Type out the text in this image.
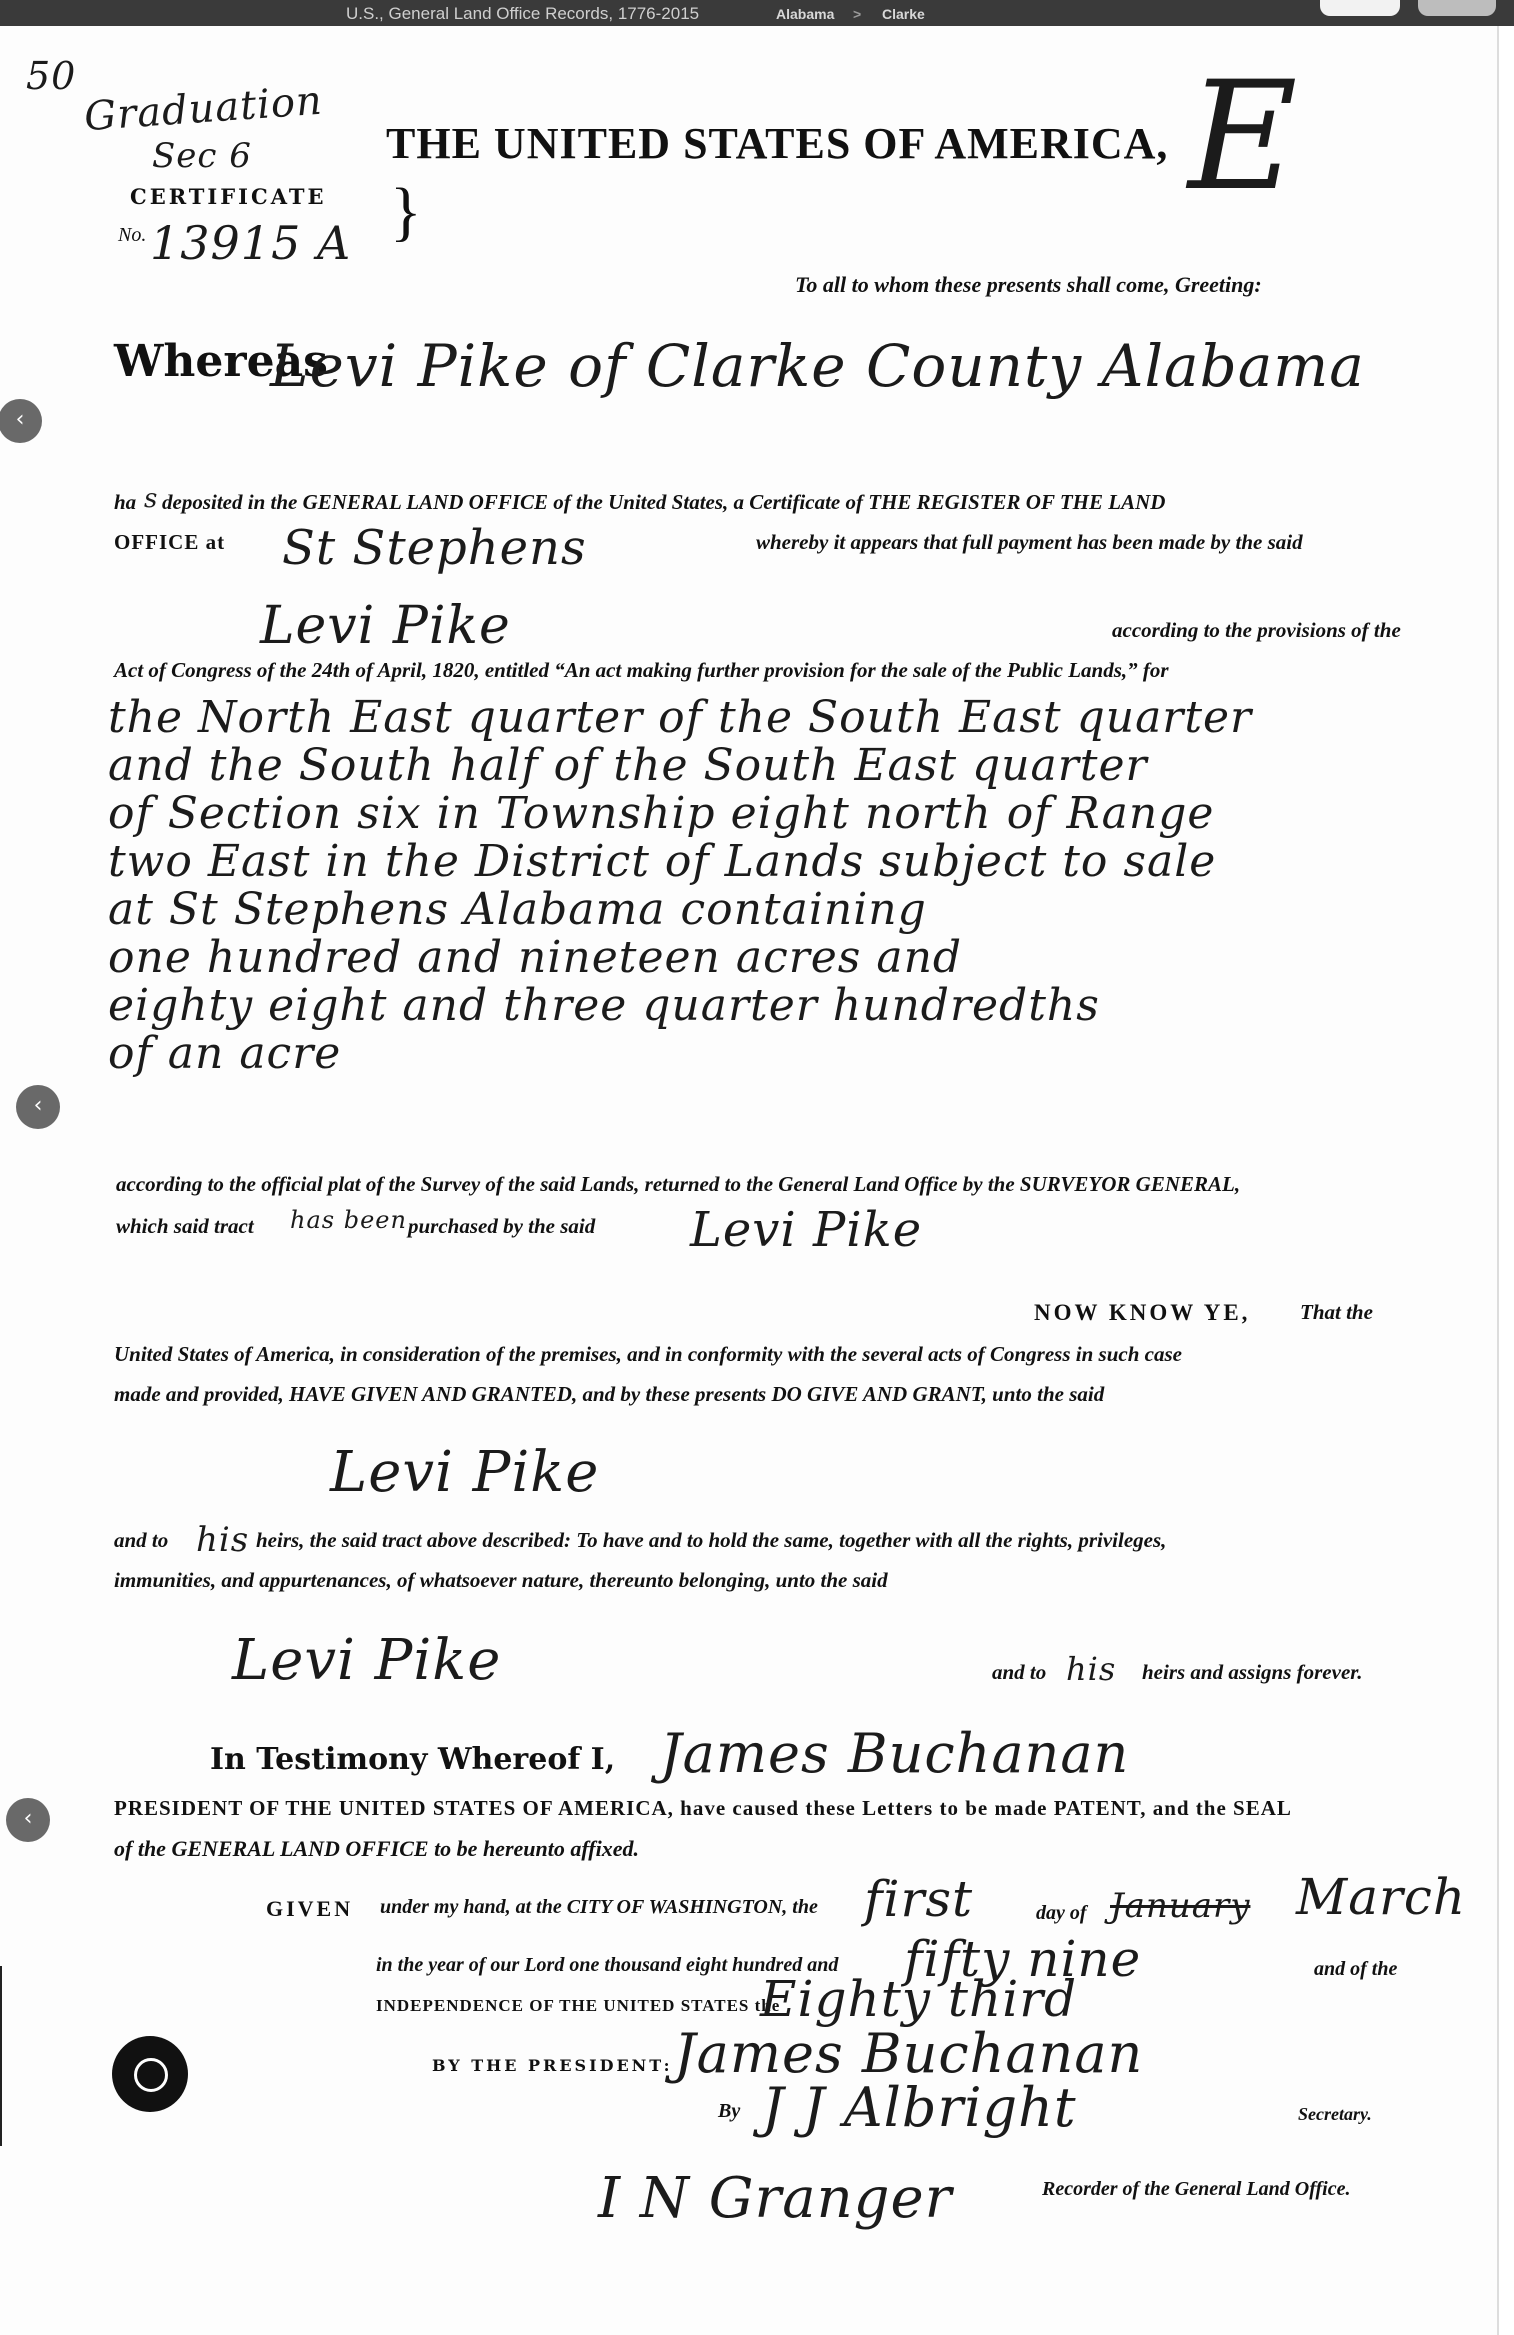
U.S., General Land Office Records, 1776-2015	Alabama > Clarke
50
Graduation
Sec 6
CERTIFICATE
No. 13915 A }
THE UNITED STATES OF AMERICA, E
To all to whom these presents shall come, Greeting:
Whereas
Levi Pike of Clarke County Alabama
ha s deposited in the GENERAL LAND OFFICE of the United States, a Certificate of THE REGISTER OF THE LAND
OFFICE at St Stephens	whereby it appears that full payment has been made by the said
Levi Pike	according to the provisions of the
Act of Congress of the 24th of April, 1820, entitled “An act making further provision for the sale of the Public Lands,” for
the North East quarter of the South East quarter
and the South half of the South East quarter
of Section six in Township eight north of Range
two East in the District of Lands subject to sale
at St Stephens Alabama containing
one hundred and nineteen acres and
eighty eight and three quarter hundredths
of an acre
according to the official plat of the Survey of the said Lands, returned to the General Land Office by the SURVEYOR GENERAL,
which said tract has been purchased by the said Levi Pike
NOW KNOW YE, That the
United States of America, in consideration of the premises, and in conformity with the several acts of Congress in such case
made and provided, HAVE GIVEN AND GRANTED, and by these presents DO GIVE AND GRANT, unto the said
Levi Pike
and to his heirs, the said tract above described: To have and to hold the same, together with all the rights, privileges,
immunities, and appurtenances, of whatsoever nature, thereunto belonging, unto the said
Levi Pike	and to his heirs and assigns forever.
In Testimony Whereof I, James Buchanan
PRESIDENT OF THE UNITED STATES OF AMERICA, have caused these Letters to be made PATENT, and the SEAL
of the GENERAL LAND OFFICE to be hereunto affixed.
GIVEN under my hand, at the CITY OF WASHINGTON, the first	day of January March
in the year of our Lord one thousand eight hundred and fifty nine	and of the
INDEPENDENCE OF THE UNITED STATES the
Eighty third
BY THE PRESIDENT: James Buchanan
By J J Albright	Secretary.
I N Granger	Recorder of the General Land Office.
‹
‹
‹
